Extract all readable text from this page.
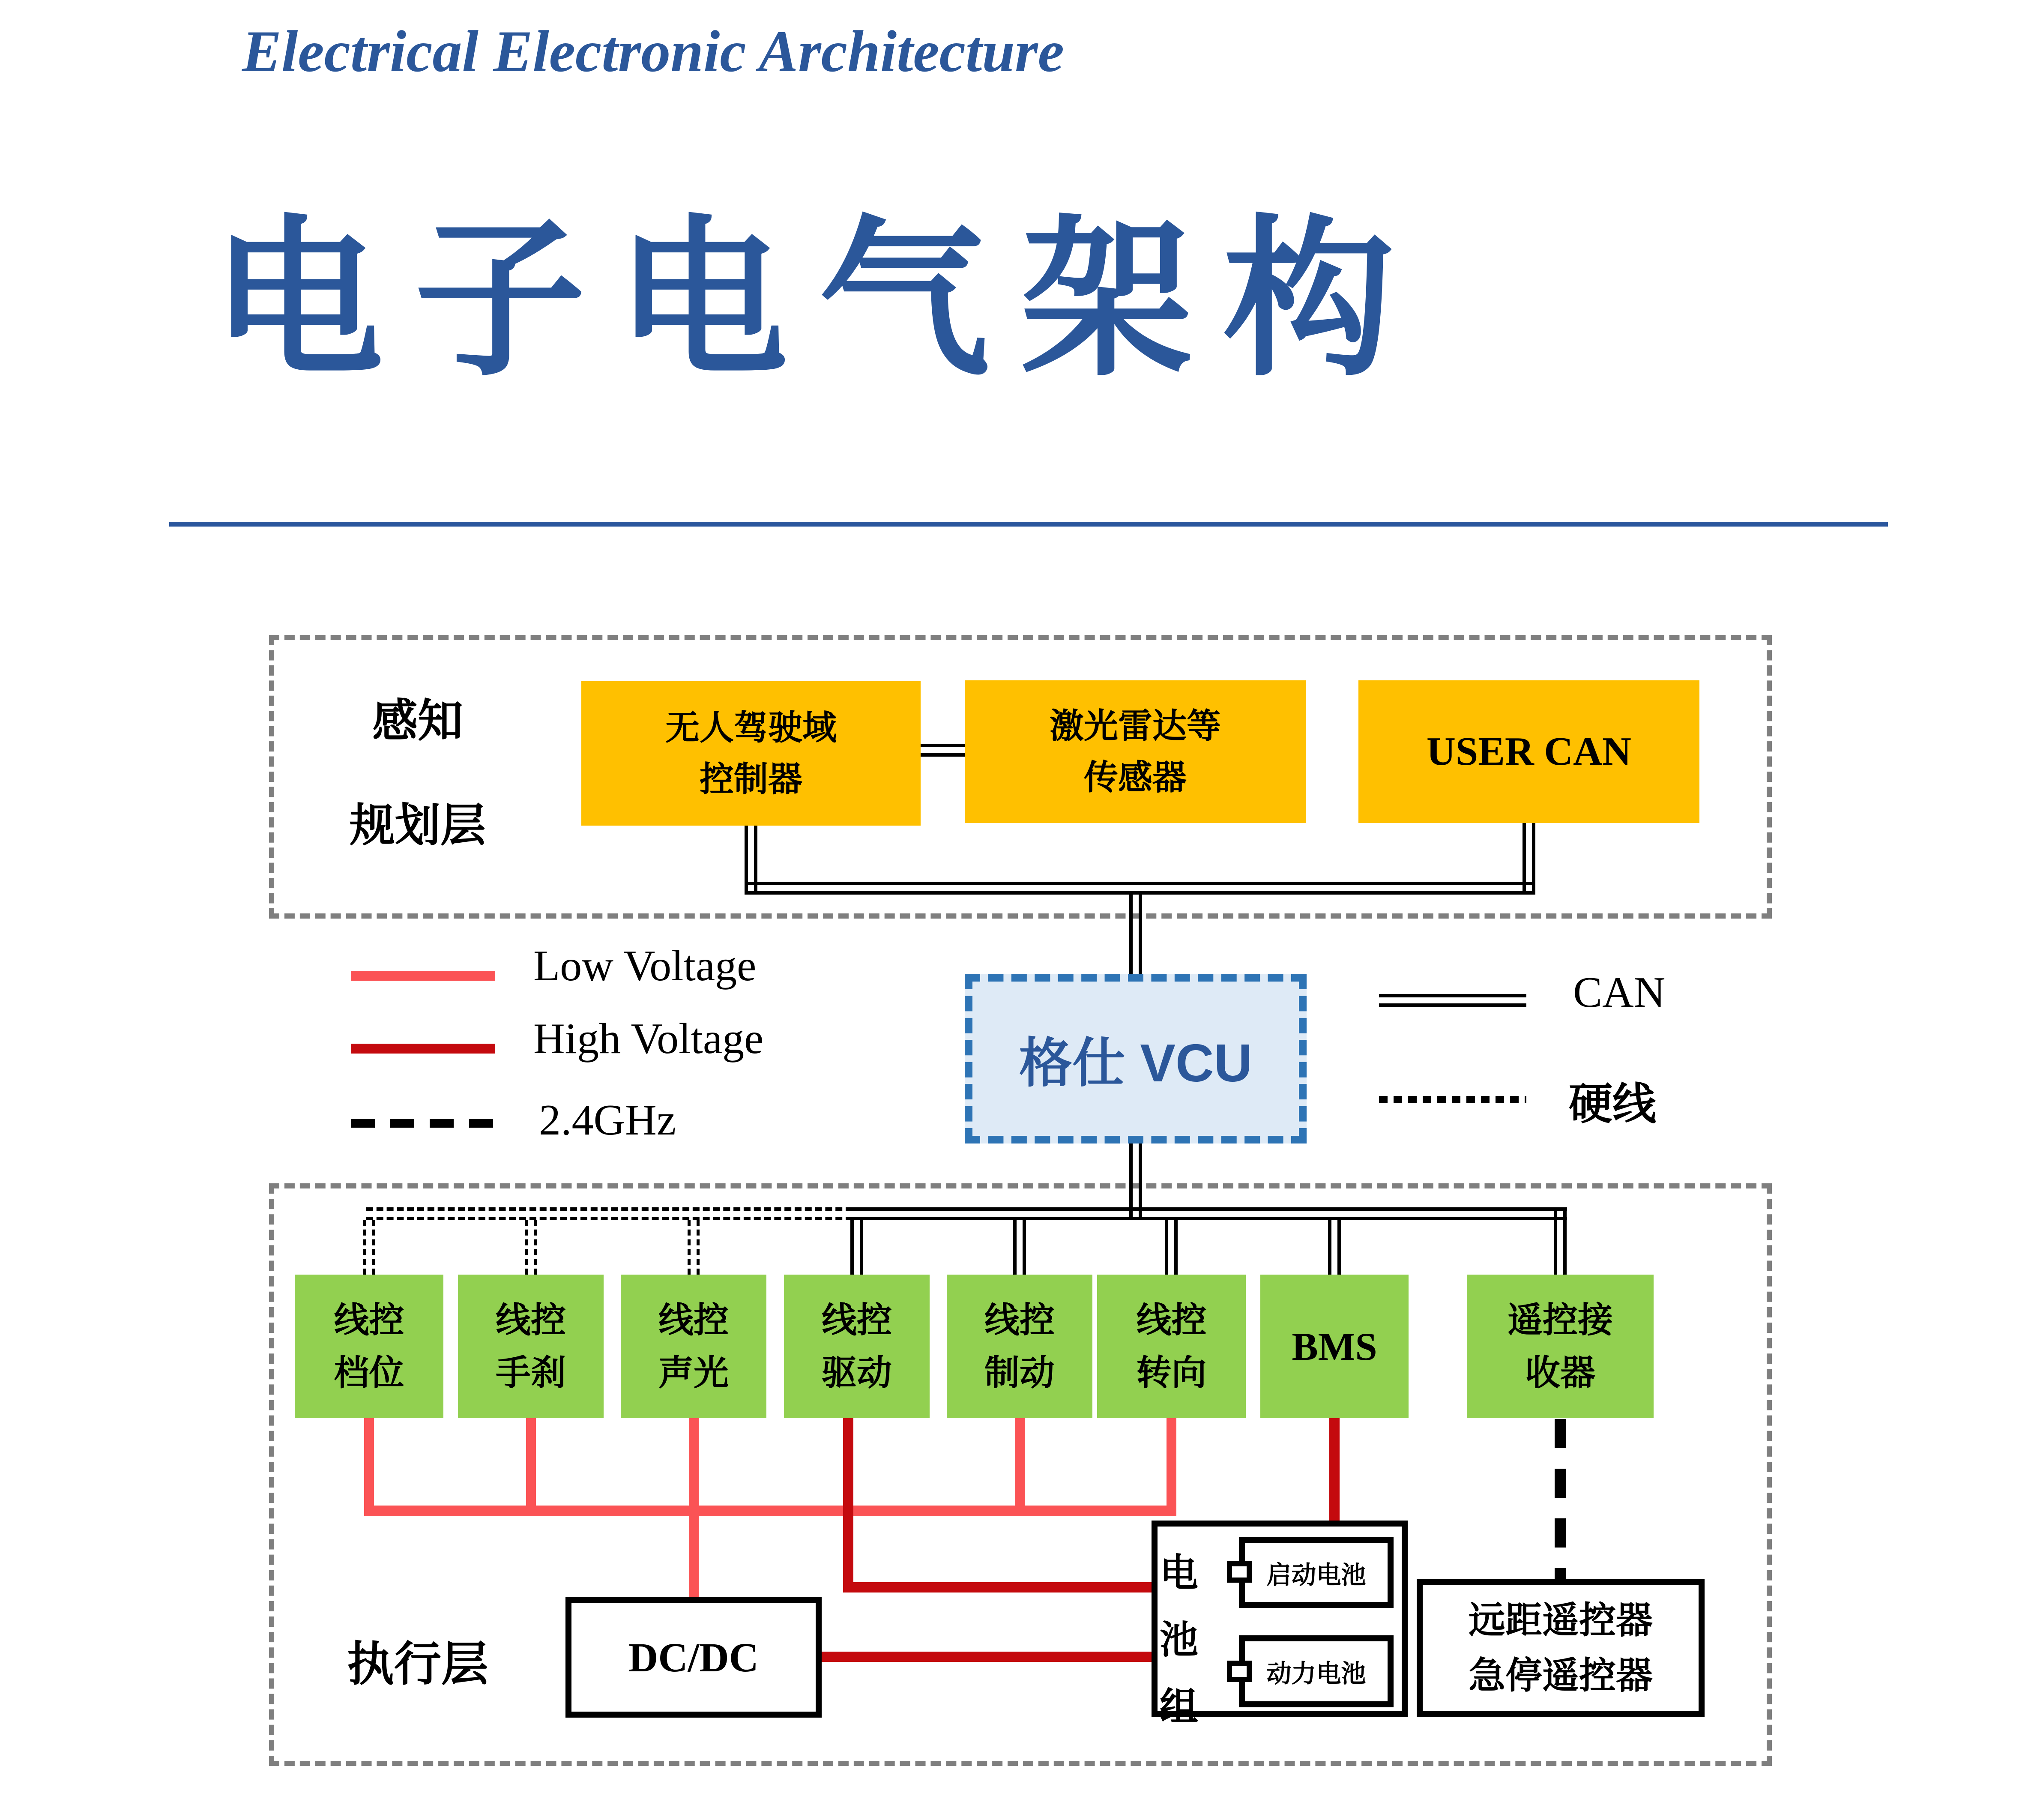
Electrical Electronic Architecture
电子电气架构
感知
规划层
无人驾驶域
控制器
激光雷达等
传感器
USER CAN
Low Voltage
High Voltage
2.4GHz
CAN
硬线
格仕 VCU
执行层
线控
档位
线控
手刹
线控
声光
线控
驱动
线控
制动
线控
转向
BMS
遥控接
收器
DC/DC
电
池
组
启动电池
动力电池
远距遥控器
急停遥控器
